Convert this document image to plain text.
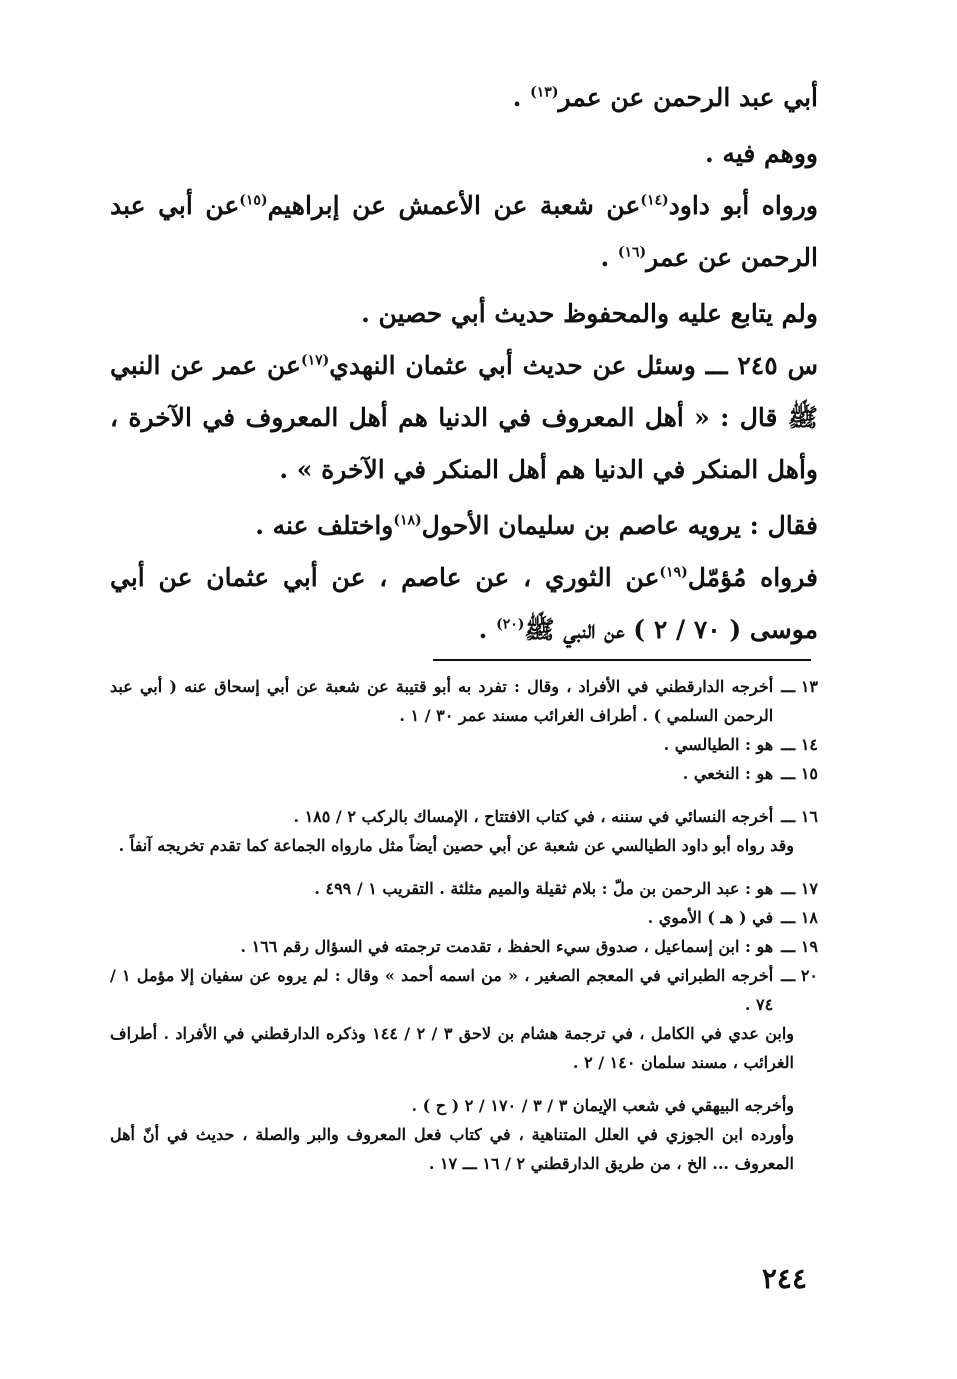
أبي عبد الرحمن عن عمر$^{(١٣)}$ .

ووهم فيه .

ورواه أبو داود$^{(١٤)}$عن شعبة عن الأعمش عن إبراهيم$^{(١٥)}$عن أبي عبد الرحمن عن عمر$^{(١٦)}$ .

ولم يتابع عليه والمحفوظ حديث أبي حصين .

س ٢٤٥ ـــ وسئل عن حديث أبي عثمان النهدي$^{(١٧)}$عن عمر عن النبي ﷺ قال : « أهل المعروف في الدنيا هم أهل المعروف في الآخرة ، وأهل المنكر في الدنيا هم أهل المنكر في الآخرة » .

فقال : يرويه عاصم بن سليمان الأحول$^{(١٨)}$واختلف عنه .

فرواه مُؤمّل$^{(١٩)}$عن الثوري ، عن عاصم ، عن أبي عثمان عن أبي موسى ( ٧٠ / ٢ ) عن النبي ﷺ$^{(٢٠)}$ .

١٣ ـــ
أخرجه الدارقطني في الأفراد ، وقال : تفرد به أبو قتيبة عن شعبة عن أبي إسحاق عنه ( أبي عبد الرحمن السلمي ) . أطراف الغرائب مسند عمر ٣٠ / ١ .
١٤ ـــ
هو : الطيالسي .
١٥ ـــ
هو : النخعي .
١٦ ـــ
أخرجه النسائي في سننه ، في كتاب الافتتاح ، الإمساك بالركب ٢ / ١٨٥ .

وقد رواه أبو داود الطيالسي عن شعبة عن أبي حصين أيضاً مثل مارواه الجماعة كما تقدم تخريجه آنفاً .

١٧ ـــ
هو : عبد الرحمن بن ملّ : بلام ثقيلة والميم مثلثة . التقريب ١ / ٤٩٩ .
١٨ ـــ
في ( هـ ) الأموي .
١٩ ـــ
هو : ابن إسماعيل ، صدوق سيء الحفظ ، تقدمت ترجمته في السؤال رقم ١٦٦ .
٢٠ ـــ
أخرجه الطبراني في المعجم الصغير ، « من اسمه أحمد » وقال : لم يروه عن سفيان إلا مؤمل ١ / ٧٤ .

وابن عدي في الكامل ، في ترجمة هشام بن لاحق ٣ / ٢ / ١٤٤ وذكره الدارقطني في الأفراد . أطراف الغرائب ، مسند سلمان ١٤٠ / ٢ .

وأخرجه البيهقي في شعب الإيمان ٣ / ٣ / ١٧٠ / ٢ ( ح ) .

وأورده ابن الجوزي في العلل المتناهية ، في كتاب فعل المعروف والبر والصلة ، حديث في أنّ أهل المعروف ... الخ ، من طريق الدارقطني ٢ / ١٦ ـــ ١٧ .

٢٤٤
